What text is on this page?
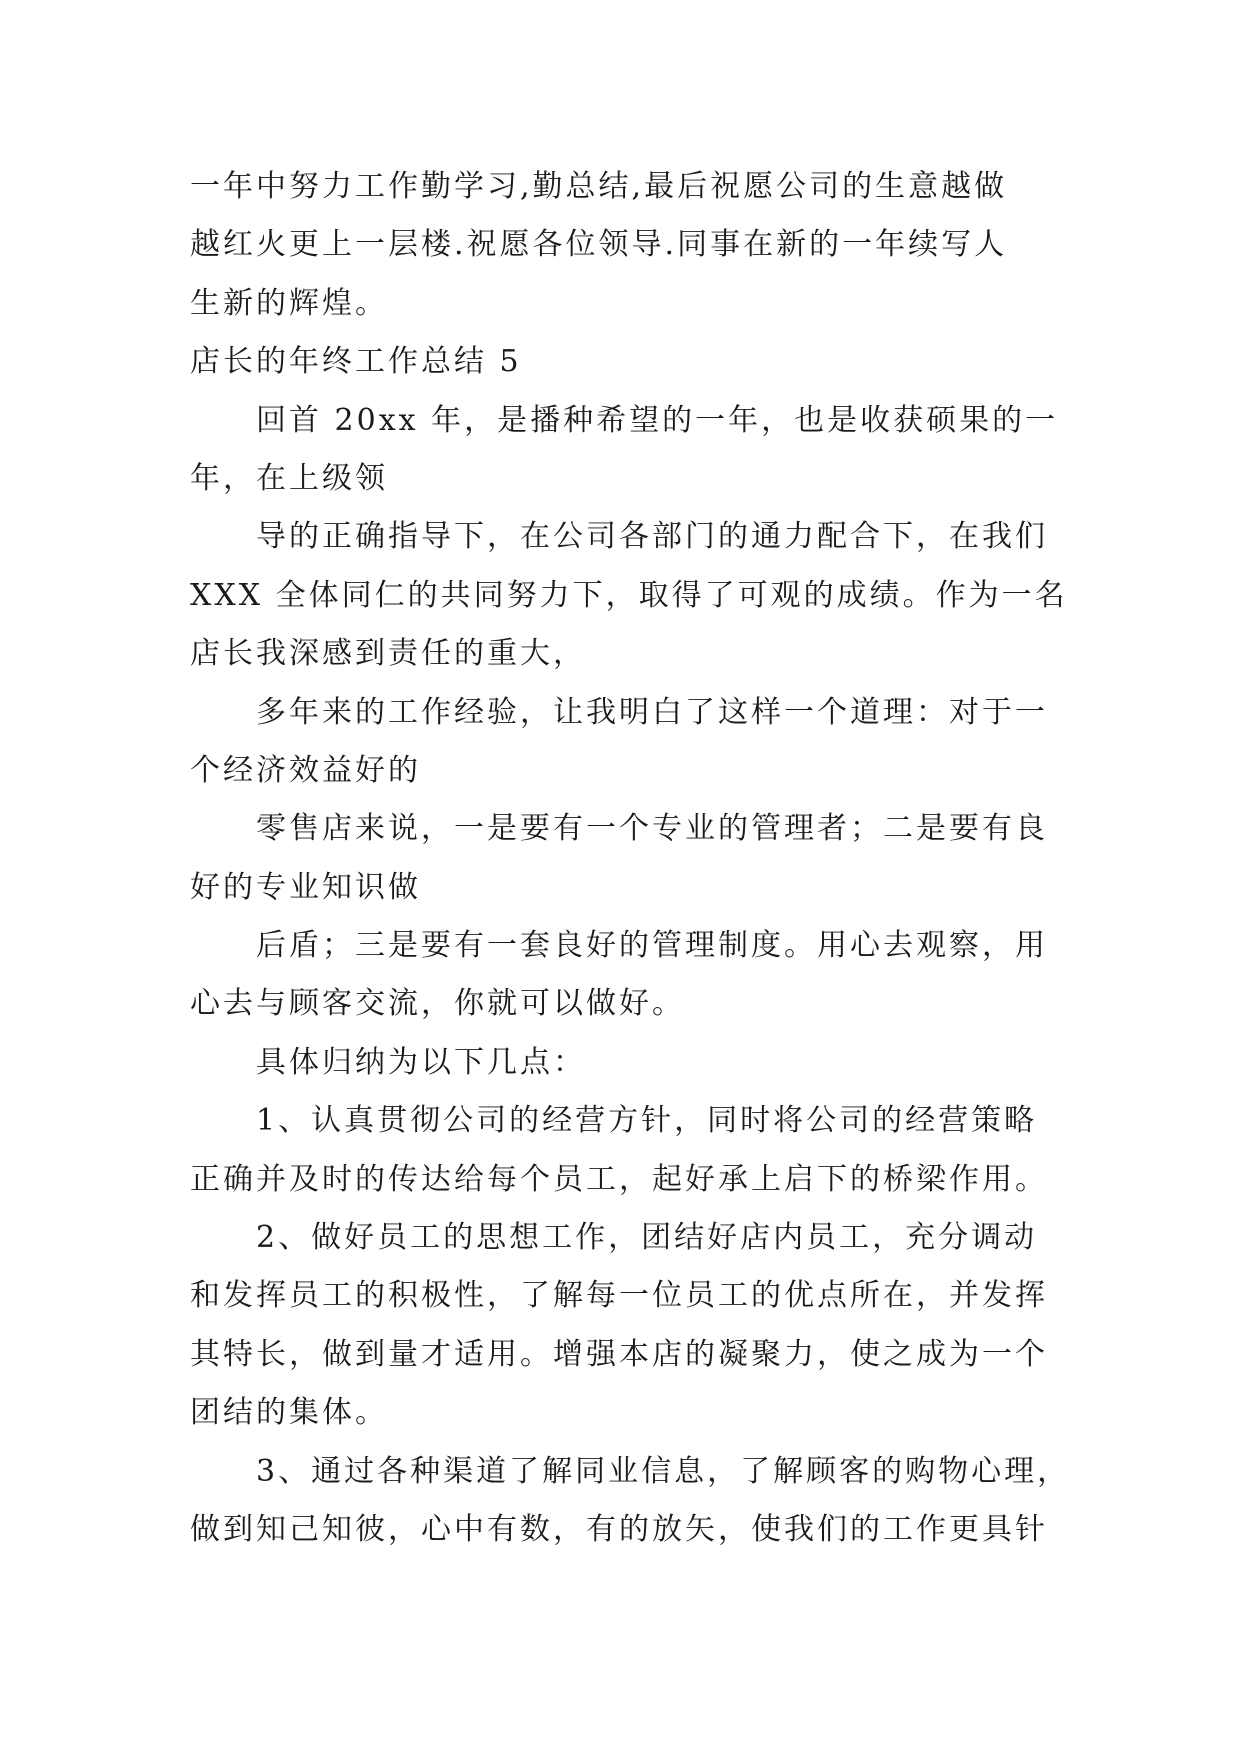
一年中努力工作勤学习,勤总结,最后祝愿公司的生意越做
越红火更上一层楼.祝愿各位领导.同事在新的一年续写人
生新的辉煌。
店长的年终工作总结 5
回首 20xx 年，是播种希望的一年，也是收获硕果的一
年，在上级领
导的正确指导下，在公司各部门的通力配合下，在我们
XXX 全体同仁的共同努力下，取得了可观的成绩。作为一名
店长我深感到责任的重大，
多年来的工作经验，让我明白了这样一个道理：对于一
个经济效益好的
零售店来说，一是要有一个专业的管理者；二是要有良
好的专业知识做
后盾；三是要有一套良好的管理制度。用心去观察，用
心去与顾客交流，你就可以做好。
具体归纳为以下几点：
1、认真贯彻公司的经营方针，同时将公司的经营策略
正确并及时的传达给每个员工，起好承上启下的桥梁作用。
2、做好员工的思想工作，团结好店内员工，充分调动
和发挥员工的积极性，了解每一位员工的优点所在，并发挥
其特长，做到量才适用。增强本店的凝聚力，使之成为一个
团结的集体。
3、通过各种渠道了解同业信息，了解顾客的购物心理，
做到知己知彼，心中有数，有的放矢，使我们的工作更具针
